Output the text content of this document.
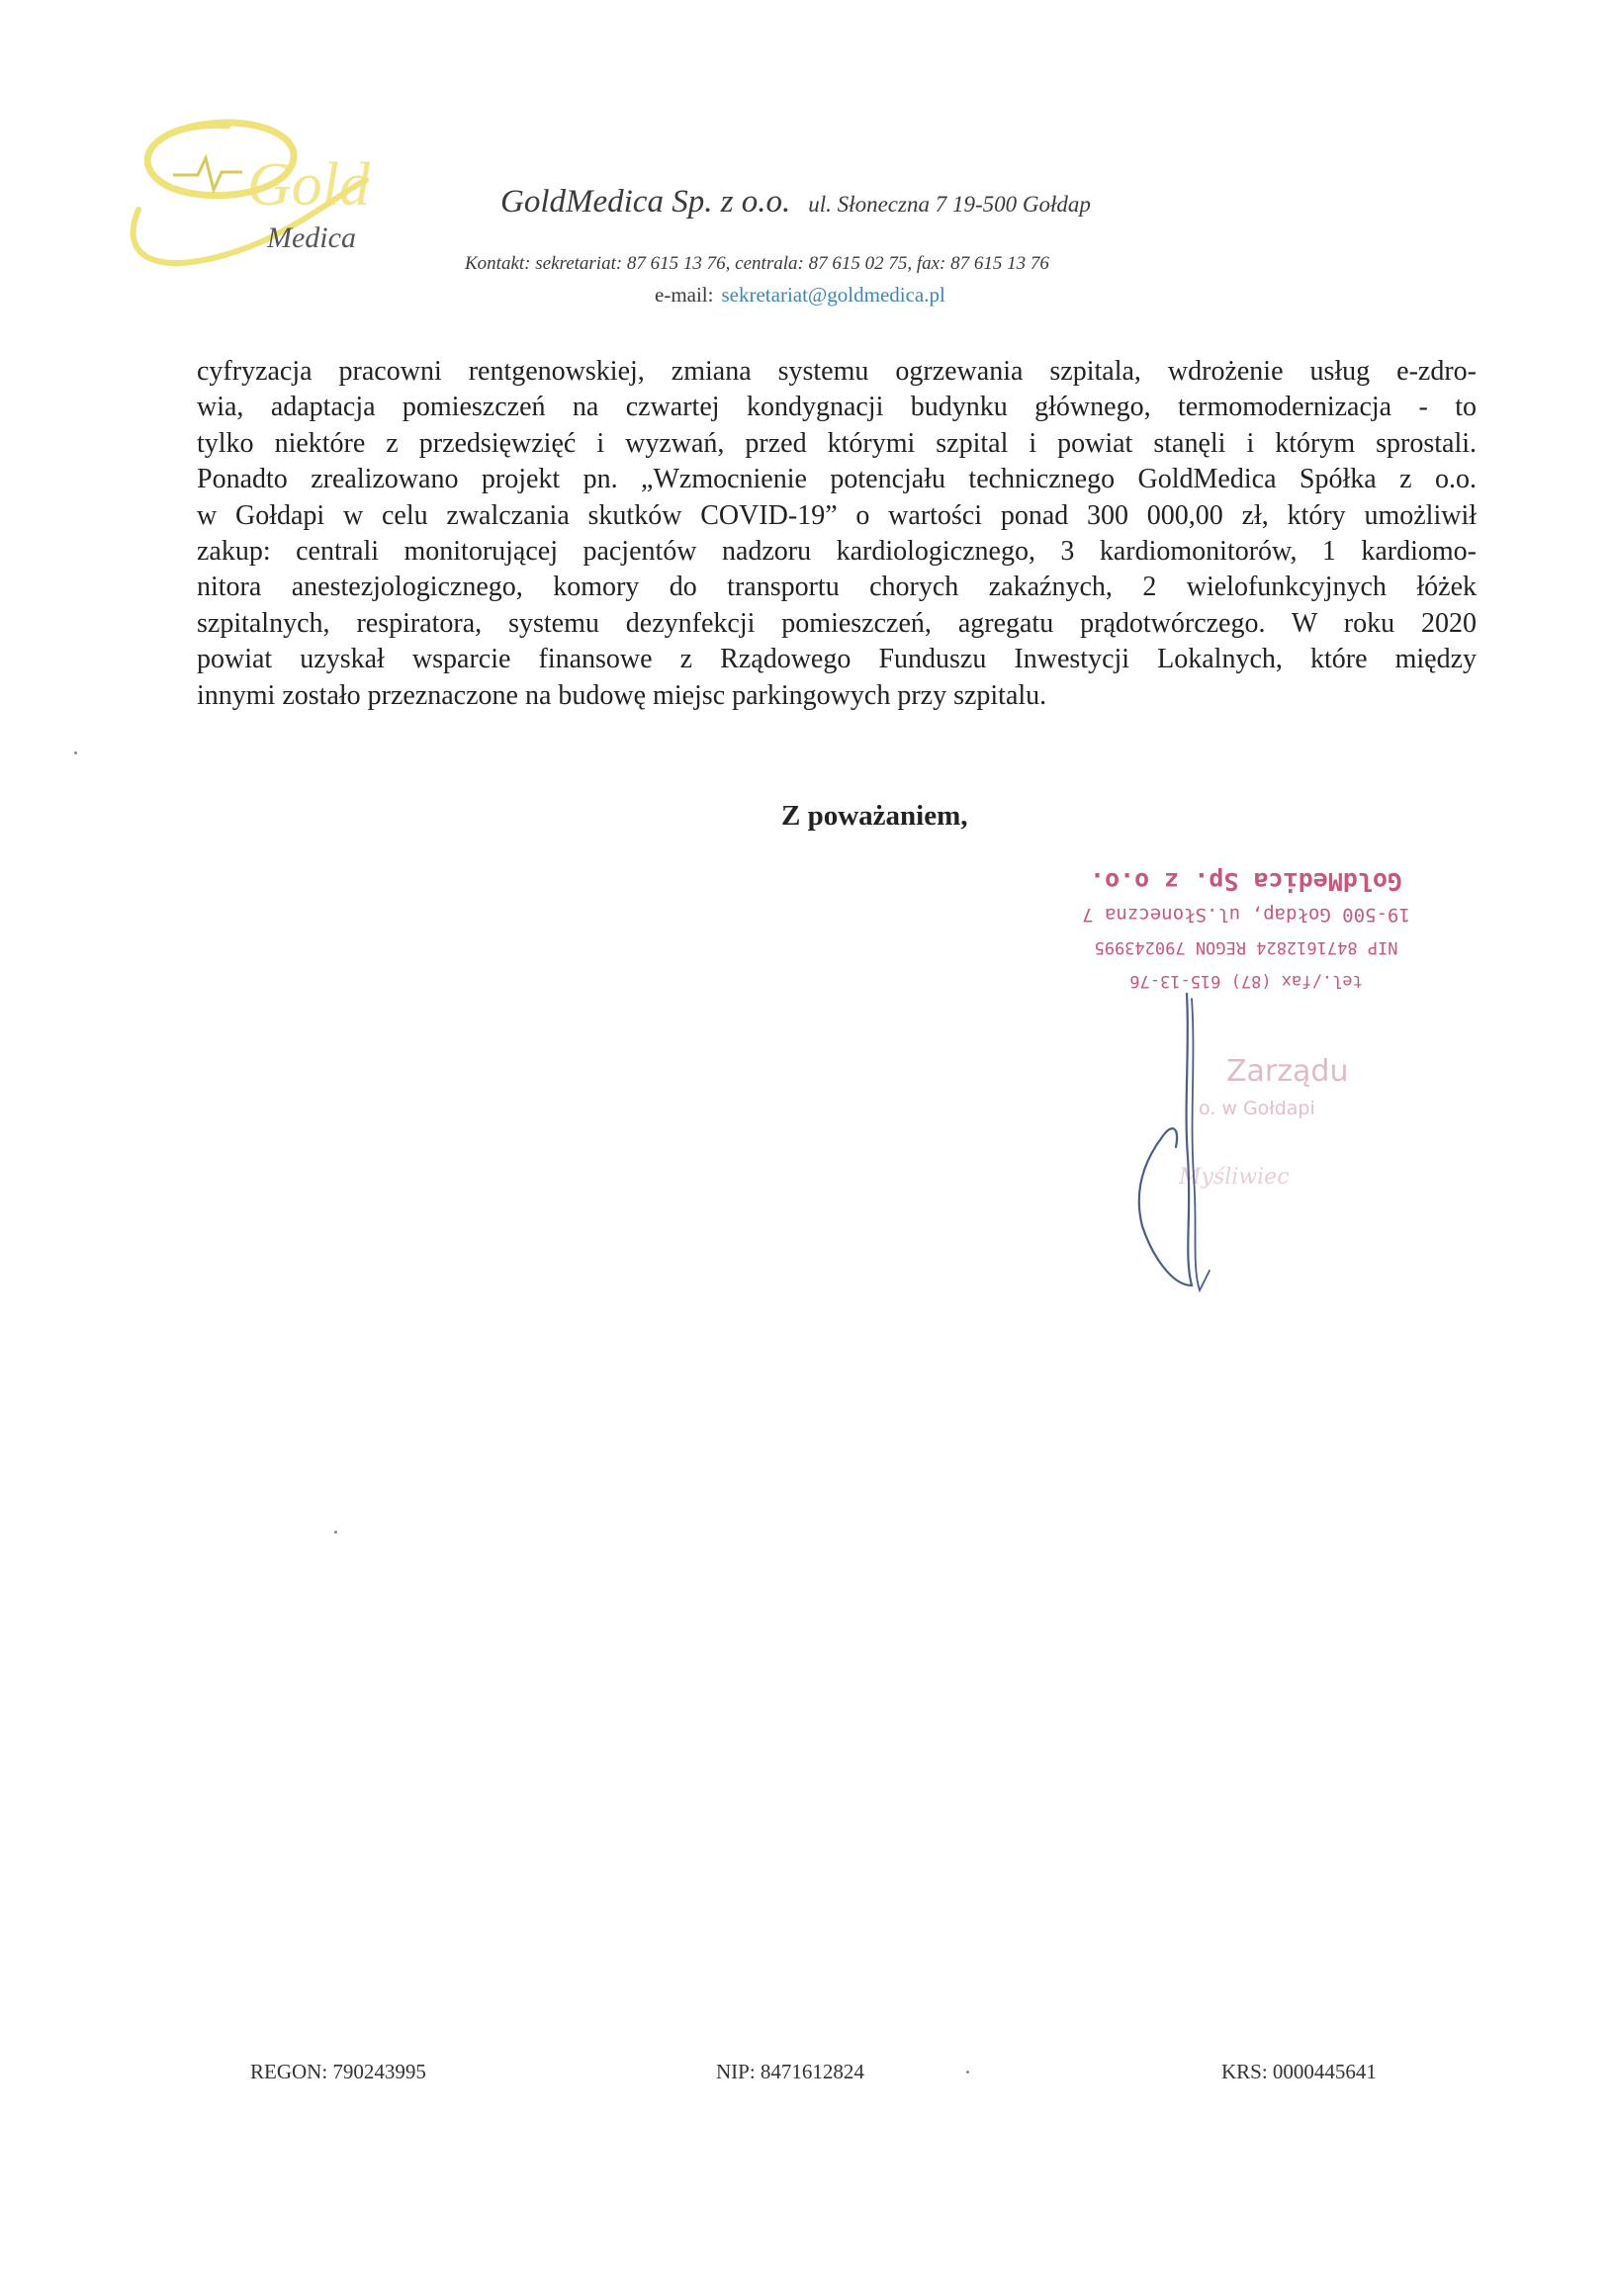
Gold
Medica
GoldMedica Sp. z o.o. ul. Słoneczna 7 19-500 Gołdap
Kontakt: sekretariat: 87 615 13 76, centrala: 87 615 02 75, fax: 87 615 13 76
e-mail: sekretariat@goldmedica.pl
cyfryzacja pracowni rentgenowskiej, zmiana systemu ogrzewania szpitala, wdrożenie usług e-zdro-
wia, adaptacja pomieszczeń na czwartej kondygnacji budynku głównego, termomodernizacja - to
tylko niektóre z przedsięwzięć i wyzwań, przed którymi szpital i powiat stanęli i którym sprostali.
Ponadto zrealizowano projekt pn. „Wzmocnienie potencjału technicznego GoldMedica Spółka z o.o.
w Gołdapi w celu zwalczania skutków COVID-19” o wartości ponad 300 000,00 zł, który umożliwił
zakup: centrali monitorującej pacjentów nadzoru kardiologicznego, 3 kardiomonitorów, 1 kardiomo-
nitora anestezjologicznego, komory do transportu chorych zakaźnych, 2 wielofunkcyjnych łóżek
szpitalnych, respiratora, systemu dezynfekcji pomieszczeń, agregatu prądotwórczego. W roku 2020
powiat uzyskał wsparcie finansowe z Rządowego Funduszu Inwestycji Lokalnych, które między
innymi zostało przeznaczone na budowę miejsc parkingowych przy szpitalu.
Z poważaniem,
GoldMedica Sp. z o.o.
19-500 Gołdap, ul.Słoneczna 7
NIP 8471612824 REGON 790243995
tel./fax (87) 615-13-76
Zarządu
o. w Gołdapi
Myśliwiec
REGON: 790243995	NIP: 8471612824	KRS: 0000445641
